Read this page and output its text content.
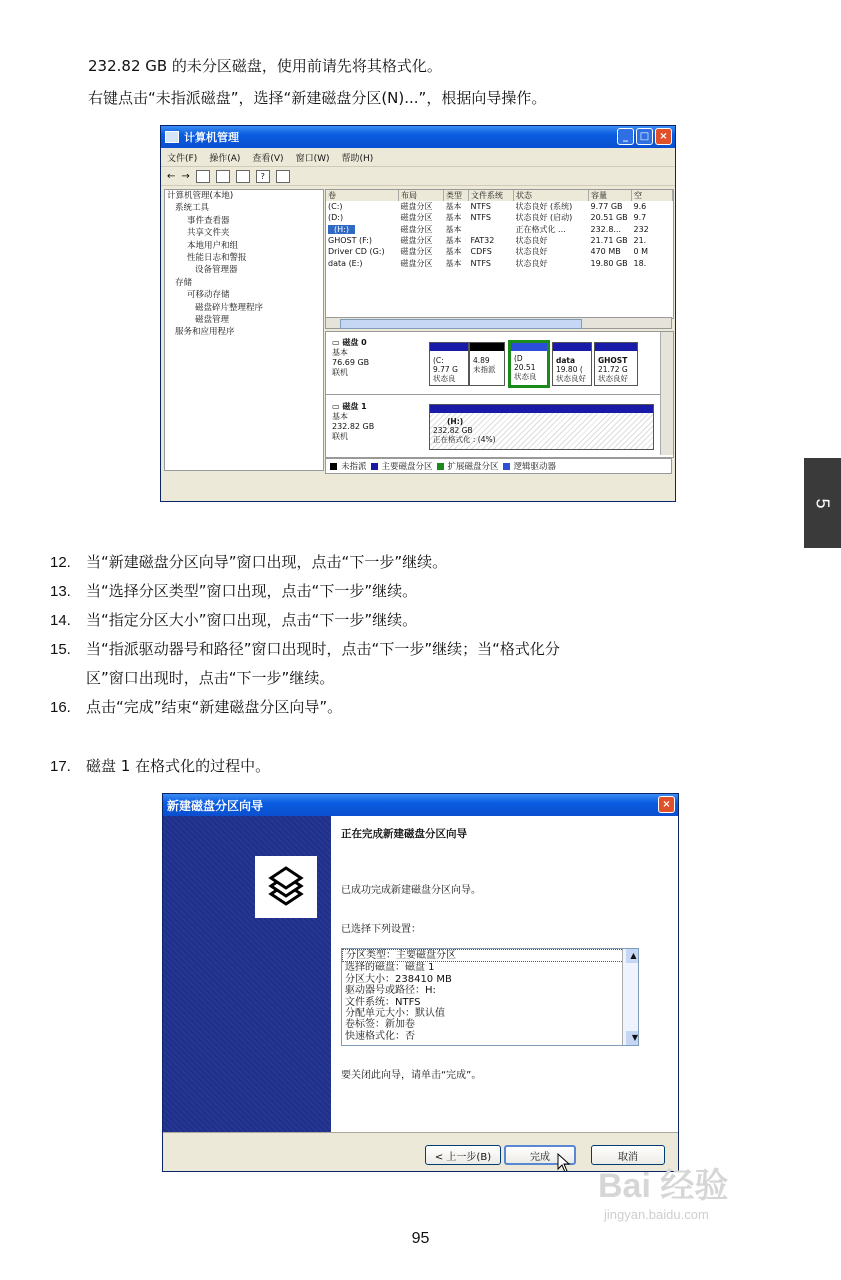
232.82 GB 的未分区磁盘，使用前请先将其格式化。
右键点击“未指派磁盘”，选择“新建磁盘分区(N)...”，根据向导操作。
计算机管理	_	□	×
文件(F) 操作(A) 查看(V) 窗口(W) 帮助(H)
← →	?
计算机管理(本地)
系统工具
事件查看器
共享文件夹
本地用户和组
性能日志和警报
设备管理器
存储
可移动存储
磁盘碎片整理程序
磁盘管理
服务和应用程序
卷	布局	类型	文件系统	状态	容量	空
(C:)	磁盘分区	基本	NTFS	状态良好 (系统)	9.77 GB	9.6
(D:)	磁盘分区	基本	NTFS	状态良好 (启动)	20.51 GB	9.7
(H:)	磁盘分区	基本		正在格式化 ...	232.8...	232
GHOST (F:)	磁盘分区	基本	FAT32	状态良好	21.71 GB	21.
Driver CD (G:)	磁盘分区	基本	CDFS	状态良好	470 MB	0 M
data (E:)	磁盘分区	基本	NTFS	状态良好	19.80 GB	18.
▭ 磁盘 0
基本
76.69 GB
联机
(C:
9.77 G
状态良
4.89
未指派
(D
20.51
状态良
data
19.80 (
状态良好
GHOST
21.72 G
状态良好
▭ 磁盘 1
基本
232.82 GB
联机
(H:)
232.82 GB
正在格式化 : (4%)
未指派 主要磁盘分区 扩展磁盘分区 逻辑驱动器
5
12. 当“新建磁盘分区向导”窗口出现，点击“下一步”继续。
13. 当“选择分区类型”窗口出现，点击“下一步”继续。
14. 当“指定分区大小”窗口出现，点击“下一步”继续。
15. 当“指派驱动器号和路径”窗口出现时，点击“下一步”继续；当“格式化分
区”窗口出现时，点击“下一步”继续。
16. 点击“完成”结束“新建磁盘分区向导”。
17. 磁盘 1 在格式化的过程中。
新建磁盘分区向导	×
正在完成新建磁盘分区向导
已成功完成新建磁盘分区向导。
已选择下列设置：
分区类型：主要磁盘分区
选择的磁盘：磁盘 1
分区大小：238410 MB
驱动器号或路径：H:
文件系统：NTFS
分配单元大小：默认值
卷标签：新加卷
快速格式化：否
▲
▼
要关闭此向导，请单击“完成”。
< 上一步(B)	完成	取消
Bai 经验
jingyan.baidu.com
95
